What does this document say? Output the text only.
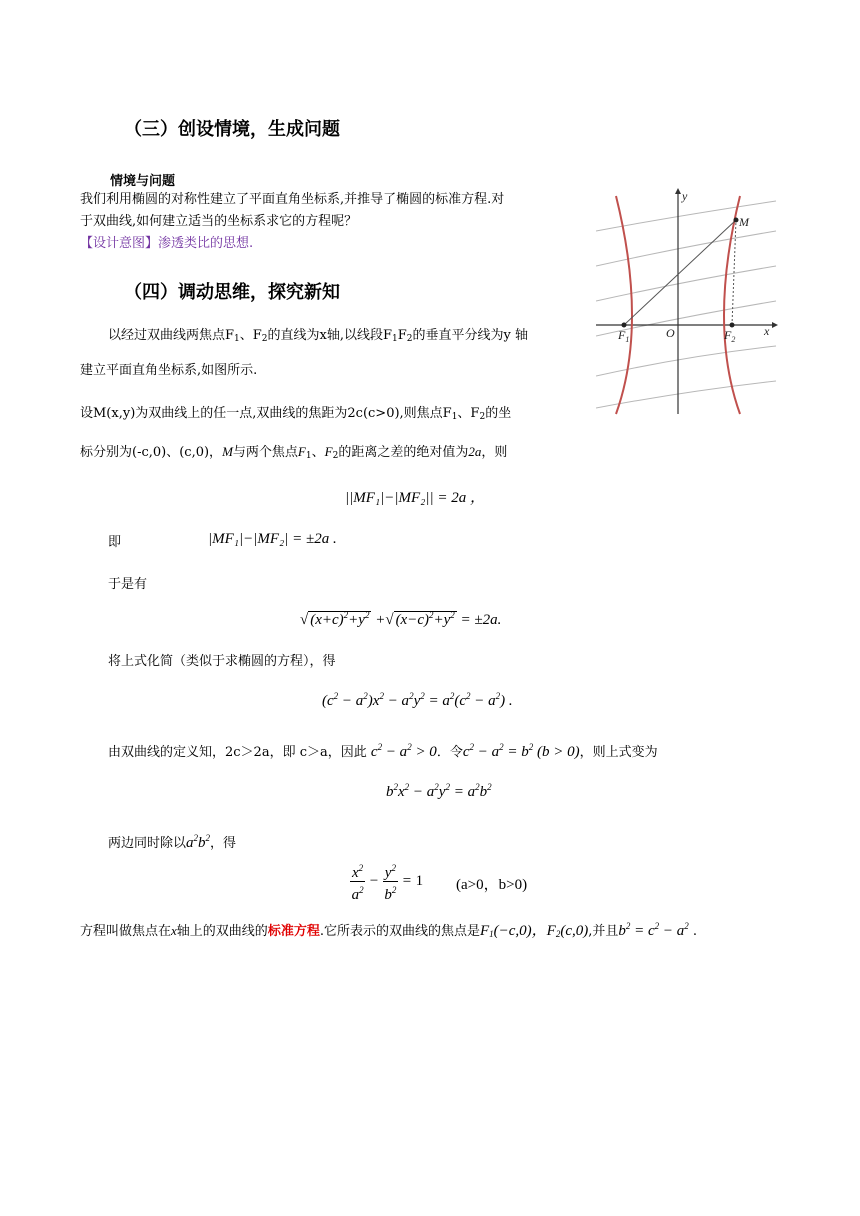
（三）创设情境，生成问题
情境与问题
我们利用椭圆的对称性建立了平面直角坐标系,并推导了椭圆的标准方程.对
于双曲线,如何建立适当的坐标系求它的方程呢？
【设计意图】渗透类比的思想.
（四）调动思维，探究新知
以经过双曲线两焦点$F_1$、$F_2$的直线为x轴,以线段$F_1F_2$的垂直平分线为y 轴
建立平面直角坐标系,如图所示.
设M(x,y)为双曲线上的任一点,双曲线的焦距为2c(c>0),则焦点$F_1$、$F_2$的坐
标分别为(-c,0)、(c,0)，M与两个焦点$F_1$、$F_2$的距离之差的绝对值为2a，则
||MF₁|−|MF₂|| = 2a ，
即	|MF₁|−|MF₂| = ±2a .
于是有
√ $(x+c)^2+y^2$ +√ $(x-c)^2+y^2 = \pm 2a$.
将上式化简（类似于求椭圆的方程），得
$(c^2 - a^2)x^2 - a^2y^2 = a^2(c^2 - a^2)$ .
由双曲线的定义知，2c＞2a，即 c＞a，因此 $c^2 - a^2 > 0$．令$c^2 - a^2 = b^2$ (b > 0)，则上式变为
$b^2x^2 - a^2y^2 = a^2b^2$
两边同时除以$a^2b^2$，得
$\frac{x^2}{a^2} - \frac{y^2}{b^2} = 1$ (a>0，b>0)
方程叫做焦点在x轴上的双曲线的标准方程.它所表示的双曲线的焦点是$F_1(-c,0)$，$F_2(c,0)$,并且$b^2 = c^2 - a^2$ .
$F_1$	$F_2$
M
O	x
y
